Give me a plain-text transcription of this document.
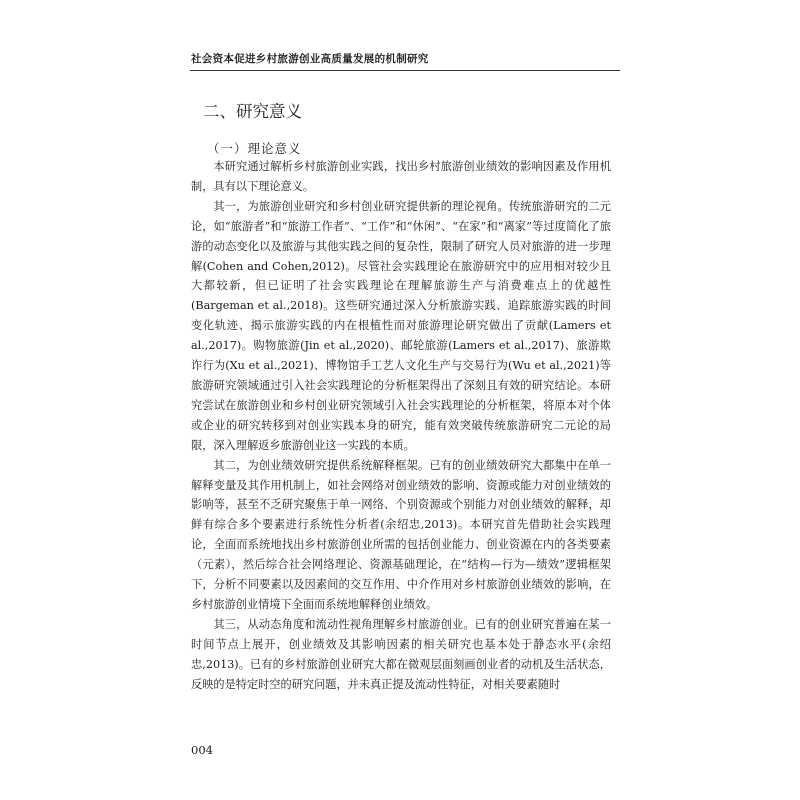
社会资本促进乡村旅游创业高质量发展的机制研究
二、研究意义
（一）理论意义

本研究通过解析乡村旅游创业实践，找出乡村旅游创业绩效的影响因素及作用机制，具有以下理论意义。

其一，为旅游创业研究和乡村创业研究提供新的理论视角。传统旅游研究的二元论，如“旅游者”和“旅游工作者”、“工作”和“休闲”、“在家”和“离家”等过度简化了旅游的动态变化以及旅游与其他实践之间的复杂性，限制了研究人员对旅游的进一步理解(Cohen and Cohen,2012)。尽管社会实践理论在旅游研究中的应用相对较少且大都较新，但已证明了社会实践理论在理解旅游生产与消费难点上的优越性(Bargeman et al.,2018)。这些研究通过深入分析旅游实践、追踪旅游实践的时间变化轨迹、揭示旅游实践的内在根植性而对旅游理论研究做出了贡献(Lamers et al.,2017)。购物旅游(Jin et al.,2020)、邮轮旅游(Lamers et al.,2017)、旅游欺诈行为(Xu et al.,2021)、博物馆手工艺人文化生产与交易行为(Wu et al.,2021)等旅游研究领域通过引入社会实践理论的分析框架得出了深刻且有效的研究结论。本研究尝试在旅游创业和乡村创业研究领域引入社会实践理论的分析框架，将原本对个体或企业的研究转移到对创业实践本身的研究，能有效突破传统旅游研究二元论的局限，深入理解返乡旅游创业这一实践的本质。

其二，为创业绩效研究提供系统解释框架。已有的创业绩效研究大都集中在单一解释变量及其作用机制上，如社会网络对创业绩效的影响、资源或能力对创业绩效的影响等，甚至不乏研究聚焦于单一网络、个别资源或个别能力对创业绩效的解释，却鲜有综合多个要素进行系统性分析者(余绍忠,2013)。本研究首先借助社会实践理论，全面而系统地找出乡村旅游创业所需的包括创业能力、创业资源在内的各类要素（元素），然后综合社会网络理论、资源基础理论，在“结构—行为—绩效”逻辑框架下，分析不同要素以及因素间的交互作用、中介作用对乡村旅游创业绩效的影响，在乡村旅游创业情境下全面而系统地解释创业绩效。

其三，从动态角度和流动性视角理解乡村旅游创业。已有的创业研究普遍在某一时间节点上展开，创业绩效及其影响因素的相关研究也基本处于静态水平(余绍忠,2013)。已有的乡村旅游创业研究大都在微观层面刻画创业者的动机及生活状态，反映的是特定时空的研究问题，并未真正提及流动性特征，对相关要素随时

004
